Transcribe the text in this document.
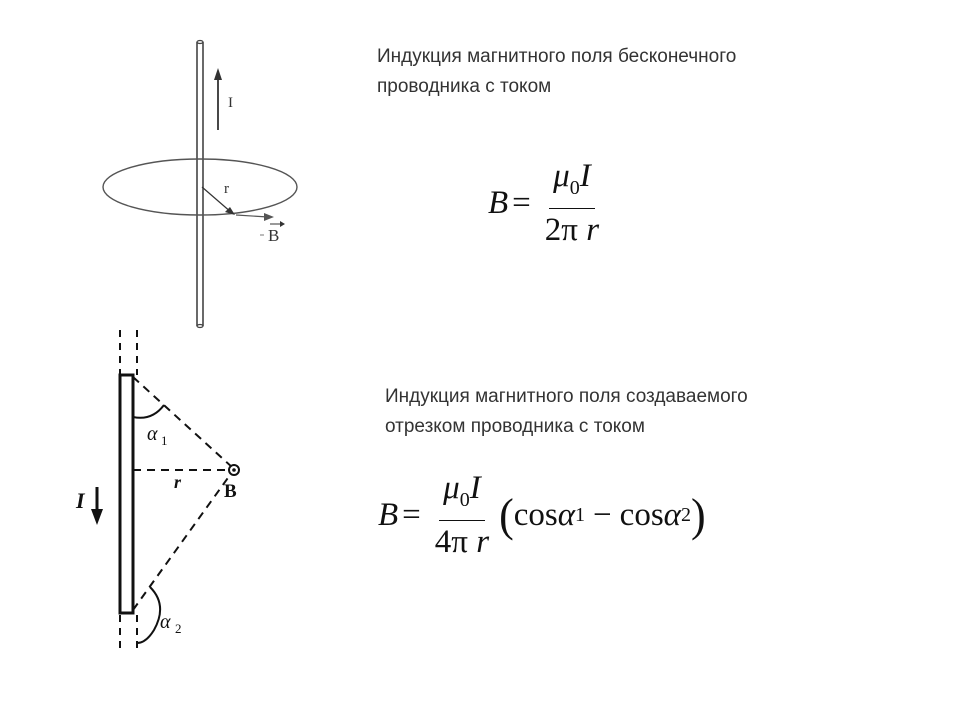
I
r
B
I
α 1
r B
α 2
Индукция магнитного поля бесконечного
проводника с током
$B = \frac{\mu_0I}{\text{2π r}}$
Индукция магнитного поля создаваемого
отрезком проводника с током
$B = \frac{\mu_0I}{\text{4π r}}$ ( cos α 1 − cos α 2 )
